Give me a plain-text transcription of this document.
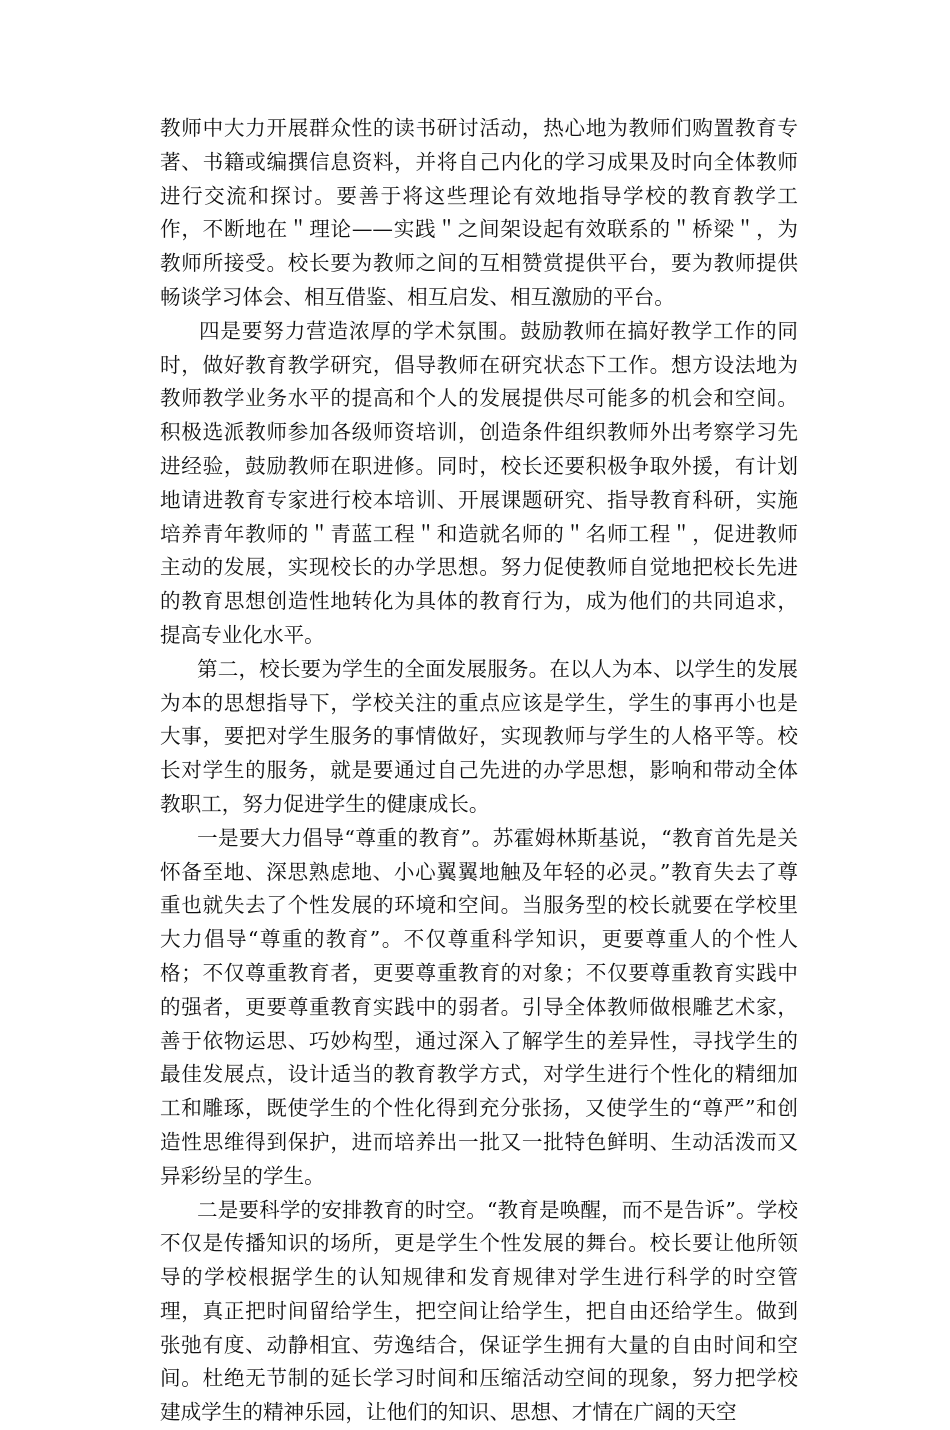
教师中大力开展群众性的读书研讨活动，热心地为教师们购置教育专著、书籍或编撰信息资料，并将自己内化的学习成果及时向全体教师进行交流和探讨。要善于将这些理论有效地指导学校的教育教学工作，不断地在＂理论——实践＂之间架设起有效联系的＂桥梁＂，为教师所接受。校长要为教师之间的互相赞赏提供平台，要为教师提供畅谈学习体会、相互借鉴、相互启发、相互激励的平台。

四是要努力营造浓厚的学术氛围。鼓励教师在搞好教学工作的同时，做好教育教学研究，倡导教师在研究状态下工作。想方设法地为教师教学业务水平的提高和个人的发展提供尽可能多的机会和空间。积极选派教师参加各级师资培训，创造条件组织教师外出考察学习先进经验，鼓励教师在职进修。同时，校长还要积极争取外援，有计划地请进教育专家进行校本培训、开展课题研究、指导教育科研，实施培养青年教师的＂青蓝工程＂和造就名师的＂名师工程＂，促进教师主动的发展，实现校长的办学思想。努力促使教师自觉地把校长先进的教育思想创造性地转化为具体的教育行为，成为他们的共同追求，提高专业化水平。

第二，校长要为学生的全面发展服务。在以人为本、以学生的发展为本的思想指导下，学校关注的重点应该是学生，学生的事再小也是大事，要把对学生服务的事情做好，实现教师与学生的人格平等。校长对学生的服务，就是要通过自己先进的办学思想，影响和带动全体教职工，努力促进学生的健康成长。

一是要大力倡导“尊重的教育”。苏霍姆林斯基说，“教育首先是关怀备至地、深思熟虑地、小心翼翼地触及年轻的必灵。”教育失去了尊重也就失去了个性发展的环境和空间。当服务型的校长就要在学校里大力倡导“尊重的教育”。不仅尊重科学知识，更要尊重人的个性人格；不仅尊重教育者，更要尊重教育的对象；不仅要尊重教育实践中的强者，更要尊重教育实践中的弱者。引导全体教师做根雕艺术家，善于依物运思、巧妙构型，通过深入了解学生的差异性，寻找学生的最佳发展点，设计适当的教育教学方式，对学生进行个性化的精细加工和雕琢，既使学生的个性化得到充分张扬，又使学生的“尊严”和创造性思维得到保护，进而培养出一批又一批特色鲜明、生动活泼而又异彩纷呈的学生。

二是要科学的安排教育的时空。“教育是唤醒，而不是告诉”。学校不仅是传播知识的场所，更是学生个性发展的舞台。校长要让他所领导的学校根据学生的认知规律和发育规律对学生进行科学的时空管理，真正把时间留给学生，把空间让给学生，把自由还给学生。做到张弛有度、动静相宜、劳逸结合，保证学生拥有大量的自由时间和空间。杜绝无节制的延长学习时间和压缩活动空间的现象，努力把学校建成学生的精神乐园，让他们的知识、思想、才情在广阔的天空
